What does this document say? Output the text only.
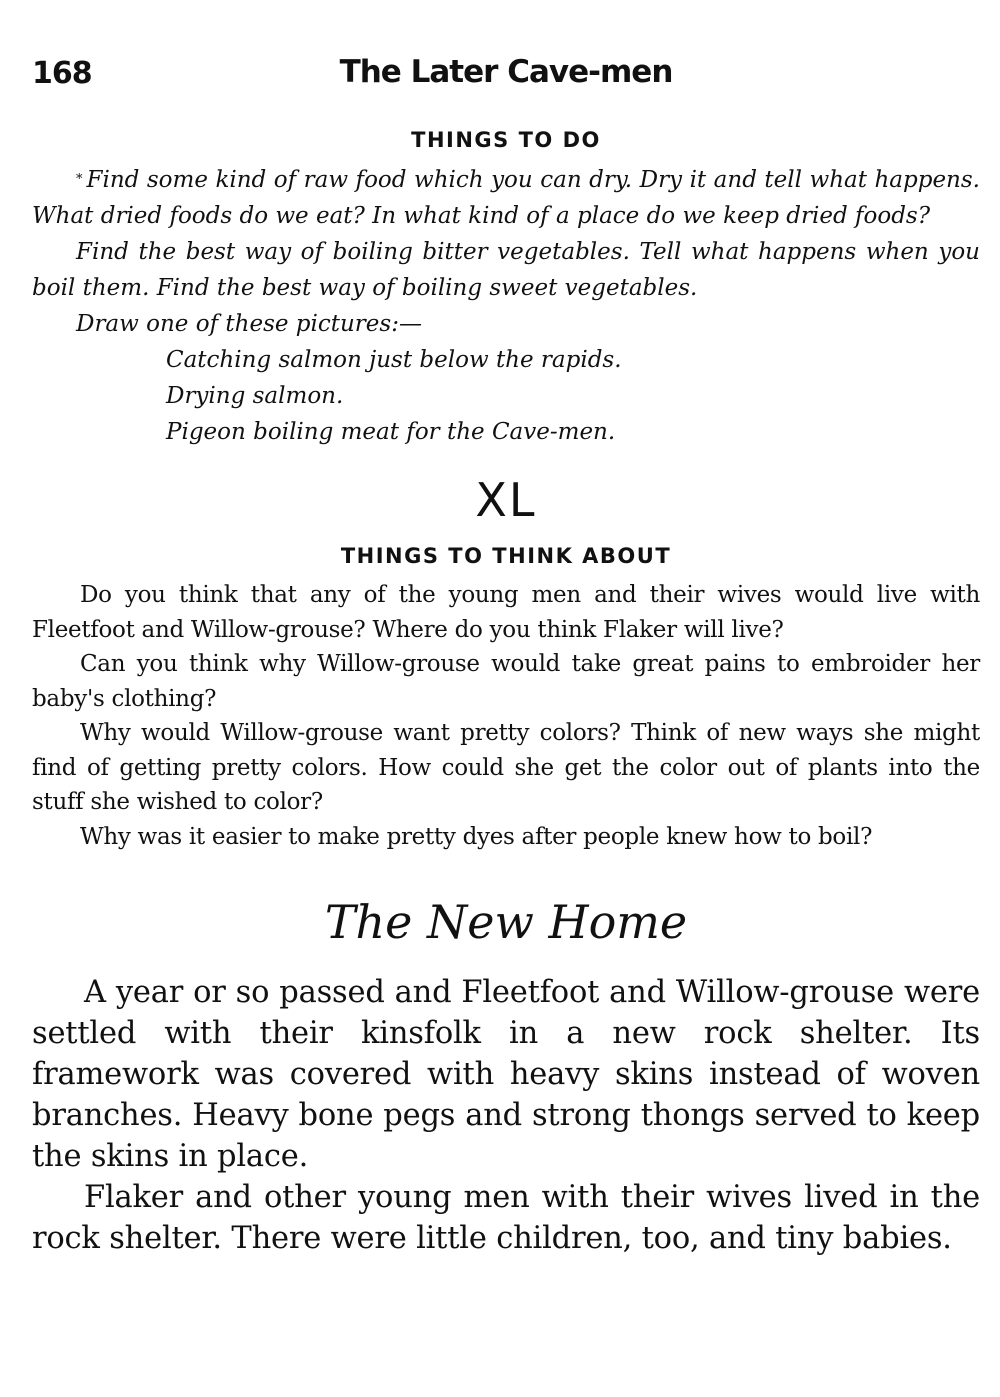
168	The Later Cave-men
THINGS TO DO

* Find some kind of raw food which you can dry. Dry it and tell what happens. What dried foods do we eat? In what kind of a place do we keep dried foods?

Find the best way of boiling bitter vegetables. Tell what happens when you boil them. Find the best way of boiling sweet vegetables.

Draw one of these pictures:—

Catching salmon just below the rapids.

Drying salmon.

Pigeon boiling meat for the Cave-men.

XL
THINGS TO THINK ABOUT

Do you think that any of the young men and their wives would live with Fleetfoot and Willow-grouse? Where do you think Flaker will live?

Can you think why Willow-grouse would take great pains to embroider her baby's clothing?

Why would Willow-grouse want pretty colors? Think of new ways she might find of getting pretty colors. How could she get the color out of plants into the stuff she wished to color?

Why was it easier to make pretty dyes after people knew how to boil?

The New Home

A year or so passed and Fleetfoot and Willow-grouse were settled with their kinsfolk in a new rock shelter. Its framework was covered with heavy skins instead of woven branches. Heavy bone pegs and strong thongs served to keep the skins in place.

Flaker and other young men with their wives lived in the rock shelter. There were little children, too, and tiny babies.
